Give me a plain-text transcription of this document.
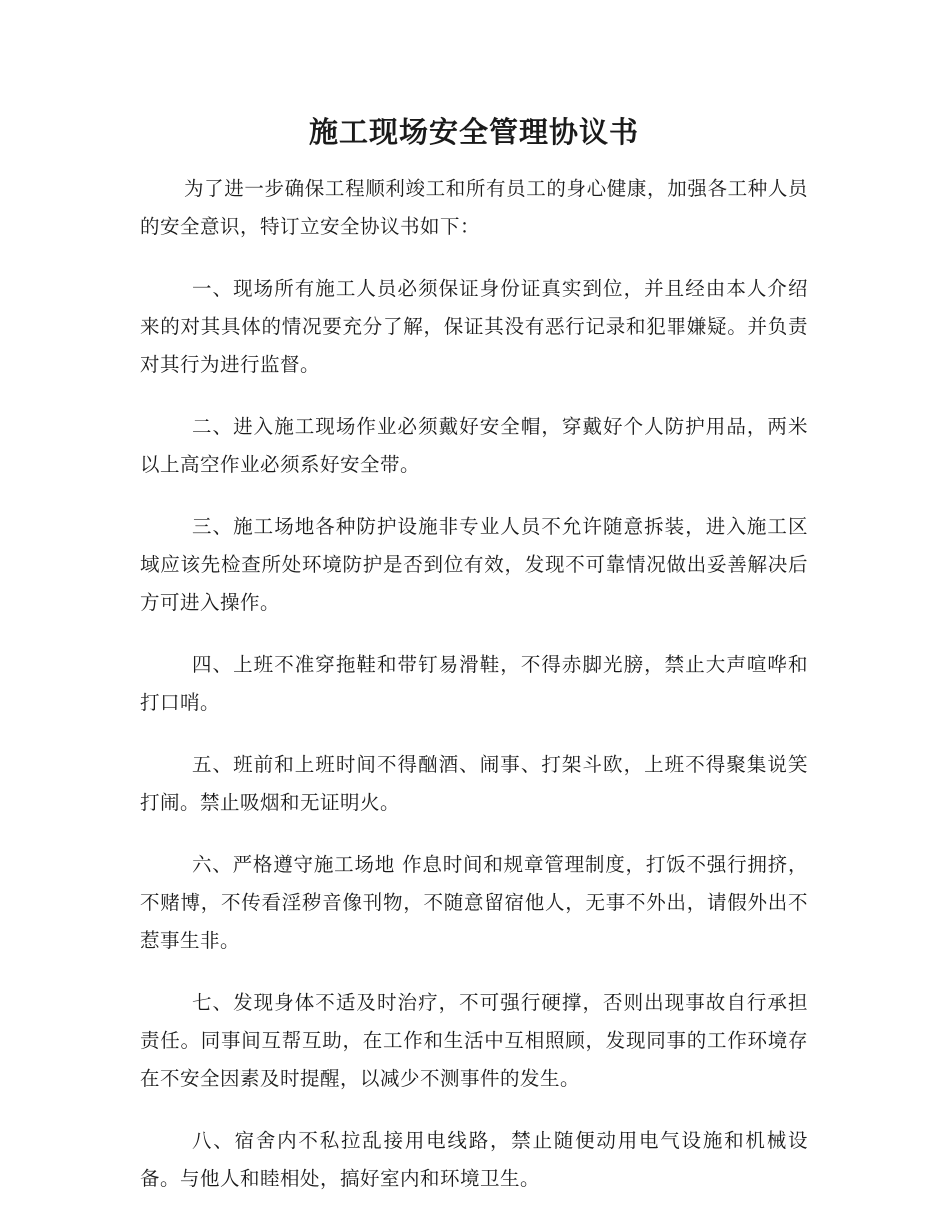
施工现场安全管理协议书

为了进一步确保工程顺利竣工和所有员工的身心健康，加强各工种人员的安全意识，特订立安全协议书如下：

一、现场所有施工人员必须保证身份证真实到位，并且经由本人介绍来的对其具体的情况要充分了解，保证其没有恶行记录和犯罪嫌疑。并负责对其行为进行监督。

二、进入施工现场作业必须戴好安全帽，穿戴好个人防护用品，两米以上高空作业必须系好安全带。

三、施工场地各种防护设施非专业人员不允许随意拆装，进入施工区域应该先检查所处环境防护是否到位有效，发现不可靠情况做出妥善解决后方可进入操作。

四、上班不准穿拖鞋和带钉易滑鞋，不得赤脚光膀，禁止大声喧哗和打口哨。

五、班前和上班时间不得酗酒、闹事、打架斗欧，上班不得聚集说笑打闹。禁止吸烟和无证明火。

六、严格遵守施工场地 作息时间和规章管理制度，打饭不强行拥挤，不赌博，不传看淫秽音像刊物，不随意留宿他人，无事不外出，请假外出不惹事生非。

七、发现身体不适及时治疗，不可强行硬撑，否则出现事故自行承担责任。同事间互帮互助，在工作和生活中互相照顾，发现同事的工作环境存在不安全因素及时提醒，以减少不测事件的发生。

八、宿舍内不私拉乱接用电线路，禁止随便动用电气设施和机械设备。与他人和睦相处，搞好室内和环境卫生。
